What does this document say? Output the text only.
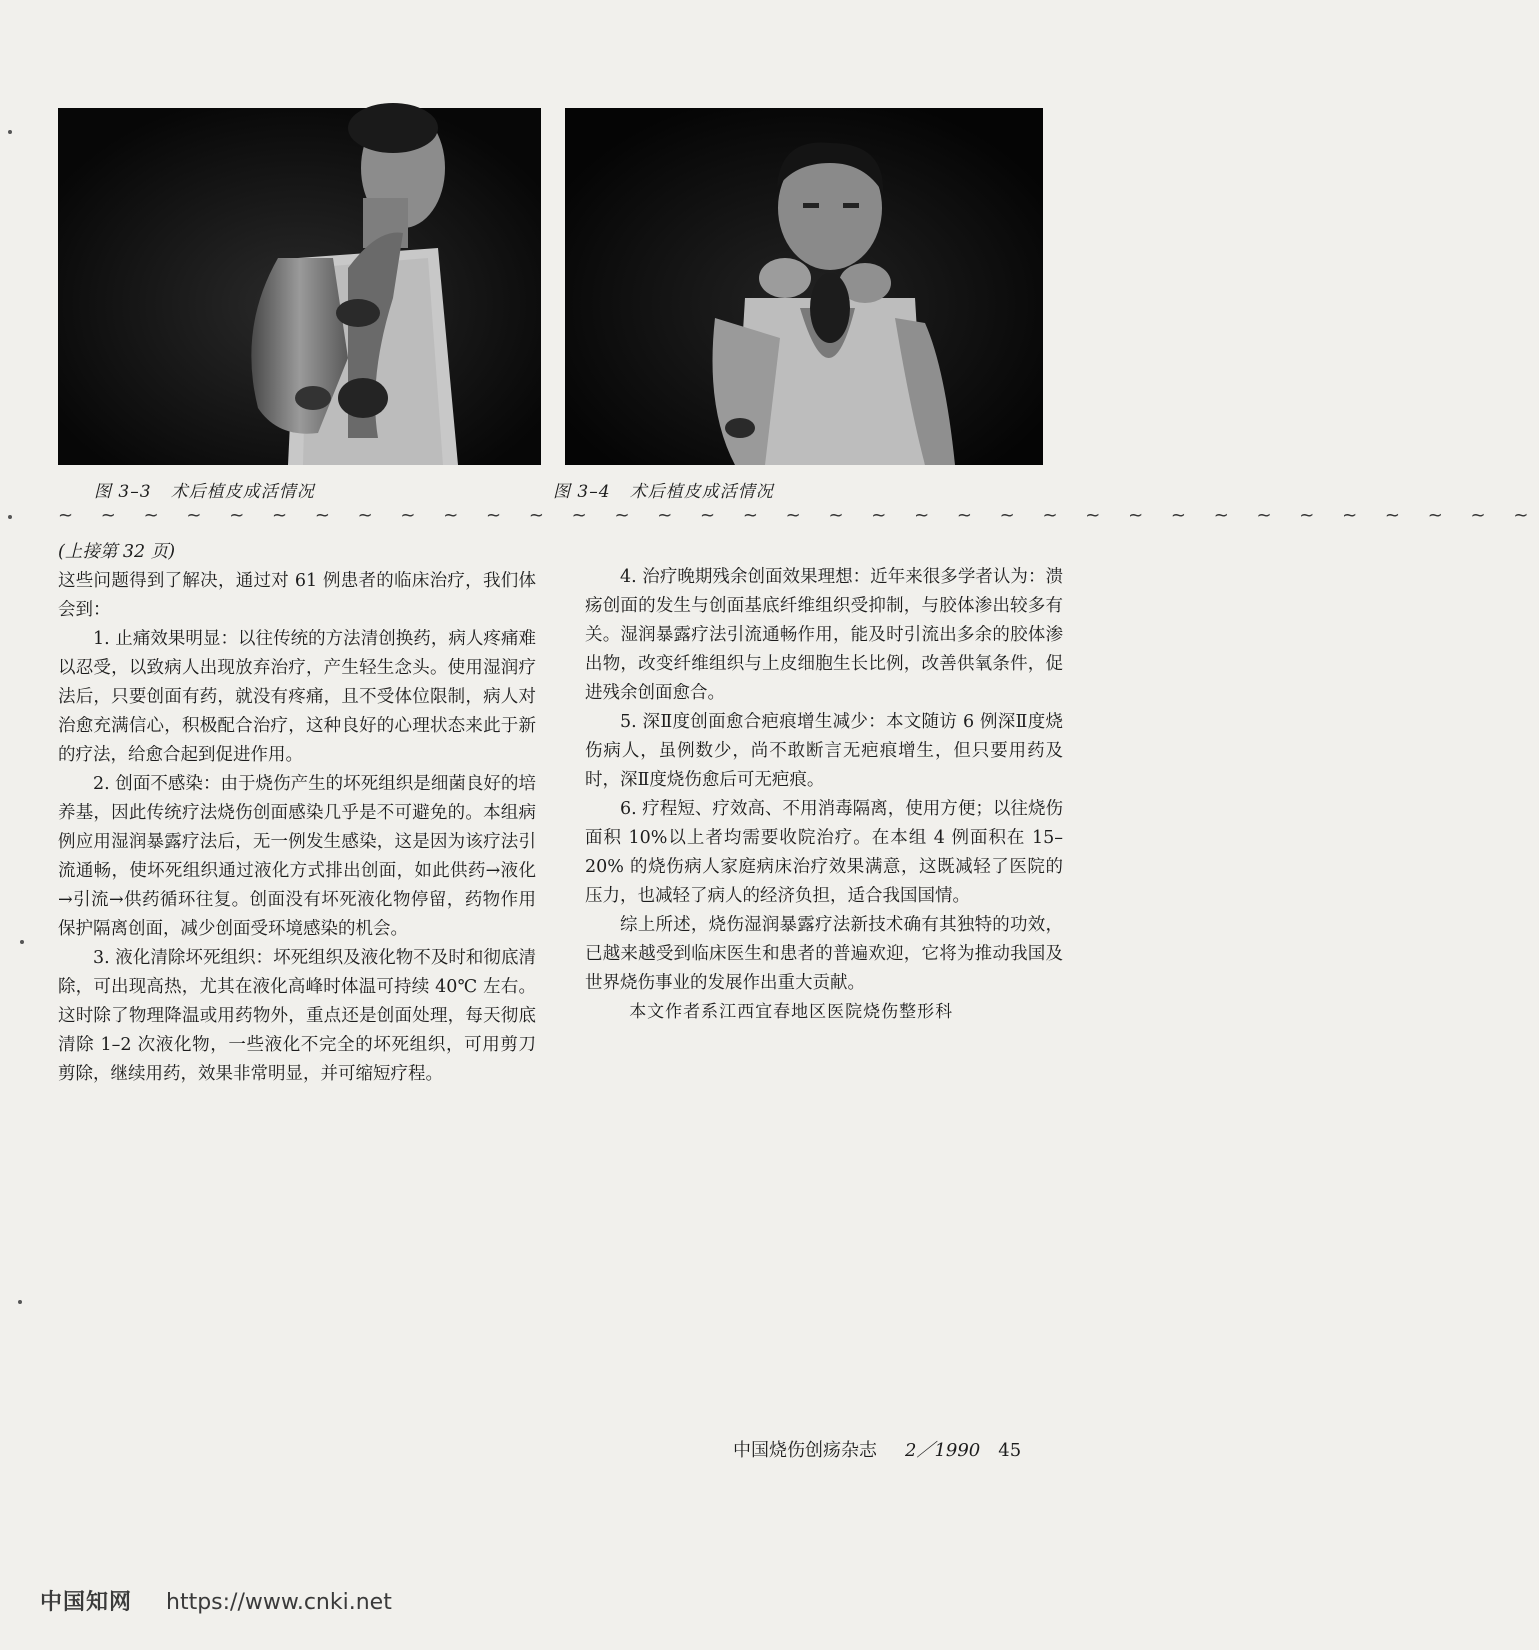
图 3–3 术后植皮成活情况	图 3–4 术后植皮成活情况
~ ~ ~ ~ ~ ~ ~ ~ ~ ~ ~ ~ ~ ~ ~ ~ ~ ~ ~ ~ ~ ~ ~ ~ ~ ~ ~ ~ ~ ~ ~ ~ ~ ~ ~

(上接第 32 页)

这些问题得到了解决，通过对 61 例患者的临床治疗，我们体会到：

1. 止痛效果明显：以往传统的方法清创换药，病人疼痛难以忍受，以致病人出现放弃治疗，产生轻生念头。使用湿润疗法后，只要创面有药，就没有疼痛，且不受体位限制，病人对治愈充满信心，积极配合治疗，这种良好的心理状态来此于新的疗法，给愈合起到促进作用。

2. 创面不感染：由于烧伤产生的坏死组织是细菌良好的培养基，因此传统疗法烧伤创面感染几乎是不可避免的。本组病例应用湿润暴露疗法后，无一例发生感染，这是因为该疗法引流通畅，使坏死组织通过液化方式排出创面，如此供药→液化→引流→供药循环往复。创面没有坏死液化物停留，药物作用保护隔离创面，减少创面受环境感染的机会。

3. 液化清除坏死组织：坏死组织及液化物不及时和彻底清除，可出现高热，尤其在液化高峰时体温可持续 40℃ 左右。这时除了物理降温或用药物外，重点还是创面处理，每天彻底清除 1–2 次液化物，一些液化不完全的坏死组织，可用剪刀剪除，继续用药，效果非常明显，并可缩短疗程。

4. 治疗晚期残余创面效果理想：近年来很多学者认为：溃疡创面的发生与创面基底纤维组织受抑制，与胶体渗出较多有关。湿润暴露疗法引流通畅作用，能及时引流出多余的胶体渗出物，改变纤维组织与上皮细胞生长比例，改善供氧条件，促进残余创面愈合。

5. 深Ⅱ度创面愈合疤痕增生减少：本文随访 6 例深Ⅱ度烧伤病人，虽例数少，尚不敢断言无疤痕增生，但只要用药及时，深Ⅱ度烧伤愈后可无疤痕。

6. 疗程短、疗效高、不用消毒隔离，使用方便；以往烧伤面积 10%以上者均需要收院治疗。在本组 4 例面积在 15–20% 的烧伤病人家庭病床治疗效果满意，这既减轻了医院的压力，也减轻了病人的经济负担，适合我国国情。

综上所述，烧伤湿润暴露疗法新技术确有其独特的功效，已越来越受到临床医生和患者的普遍欢迎，它将为推动我国及世界烧伤事业的发展作出重大贡献。

本文作者系江西宜春地区医院烧伤整形科

中国烧伤创疡杂志 2／1990 45
中国知网 https://www.cnki.net
